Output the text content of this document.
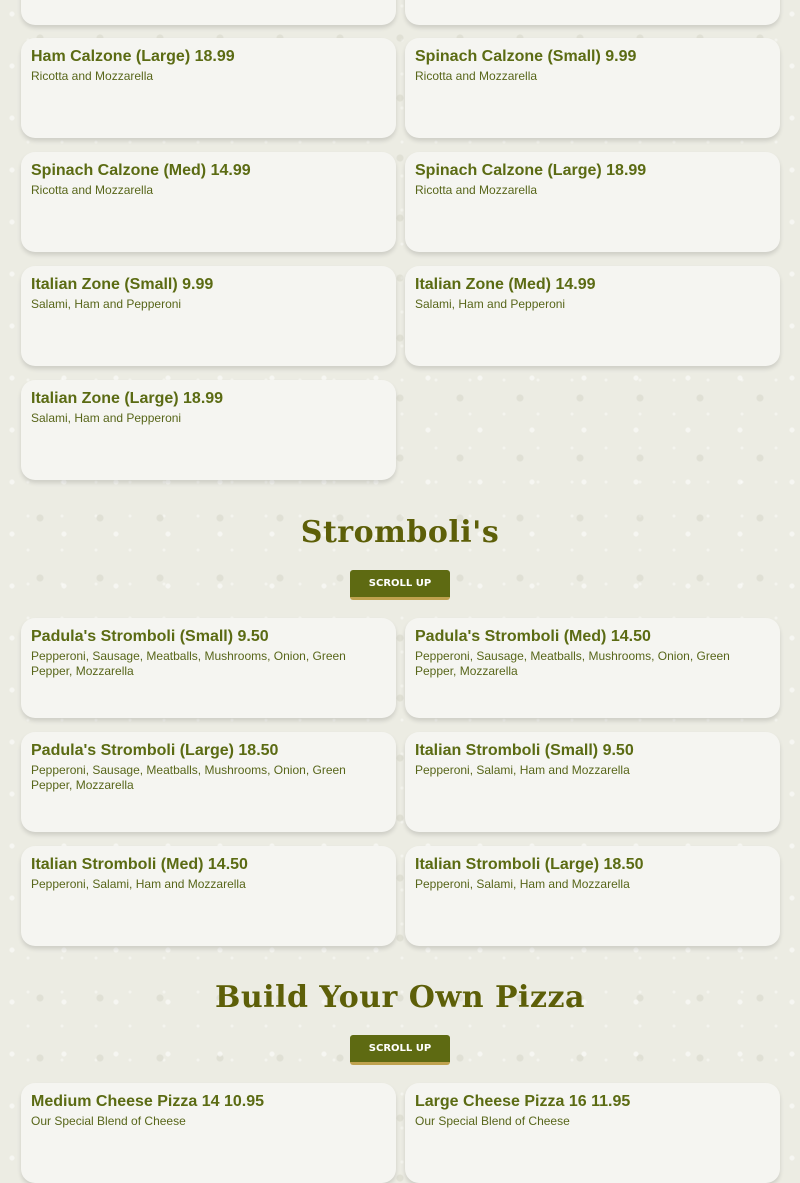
Ham Calzone (Large) 18.99
Ricotta and Mozzarella
Spinach Calzone (Small) 9.99
Ricotta and Mozzarella
Spinach Calzone (Med) 14.99
Ricotta and Mozzarella
Spinach Calzone (Large) 18.99
Ricotta and Mozzarella
Italian Zone (Small) 9.99
Salami, Ham and Pepperoni
Italian Zone (Med) 14.99
Salami, Ham and Pepperoni
Italian Zone (Large) 18.99
Salami, Ham and Pepperoni
Stromboli's
SCROLL UP
Padula's Stromboli (Small) 9.50
Pepperoni, Sausage, Meatballs, Mushrooms, Onion, Green Pepper, Mozzarella
Padula's Stromboli (Med) 14.50
Pepperoni, Sausage, Meatballs, Mushrooms, Onion, Green Pepper, Mozzarella
Padula's Stromboli (Large) 18.50
Pepperoni, Sausage, Meatballs, Mushrooms, Onion, Green Pepper, Mozzarella
Italian Stromboli (Small) 9.50
Pepperoni, Salami, Ham and Mozzarella
Italian Stromboli (Med) 14.50
Pepperoni, Salami, Ham and Mozzarella
Italian Stromboli (Large) 18.50
Pepperoni, Salami, Ham and Mozzarella
Build Your Own Pizza
SCROLL UP
Medium Cheese Pizza 14 10.95
Our Special Blend of Cheese
Large Cheese Pizza 16 11.95
Our Special Blend of Cheese
